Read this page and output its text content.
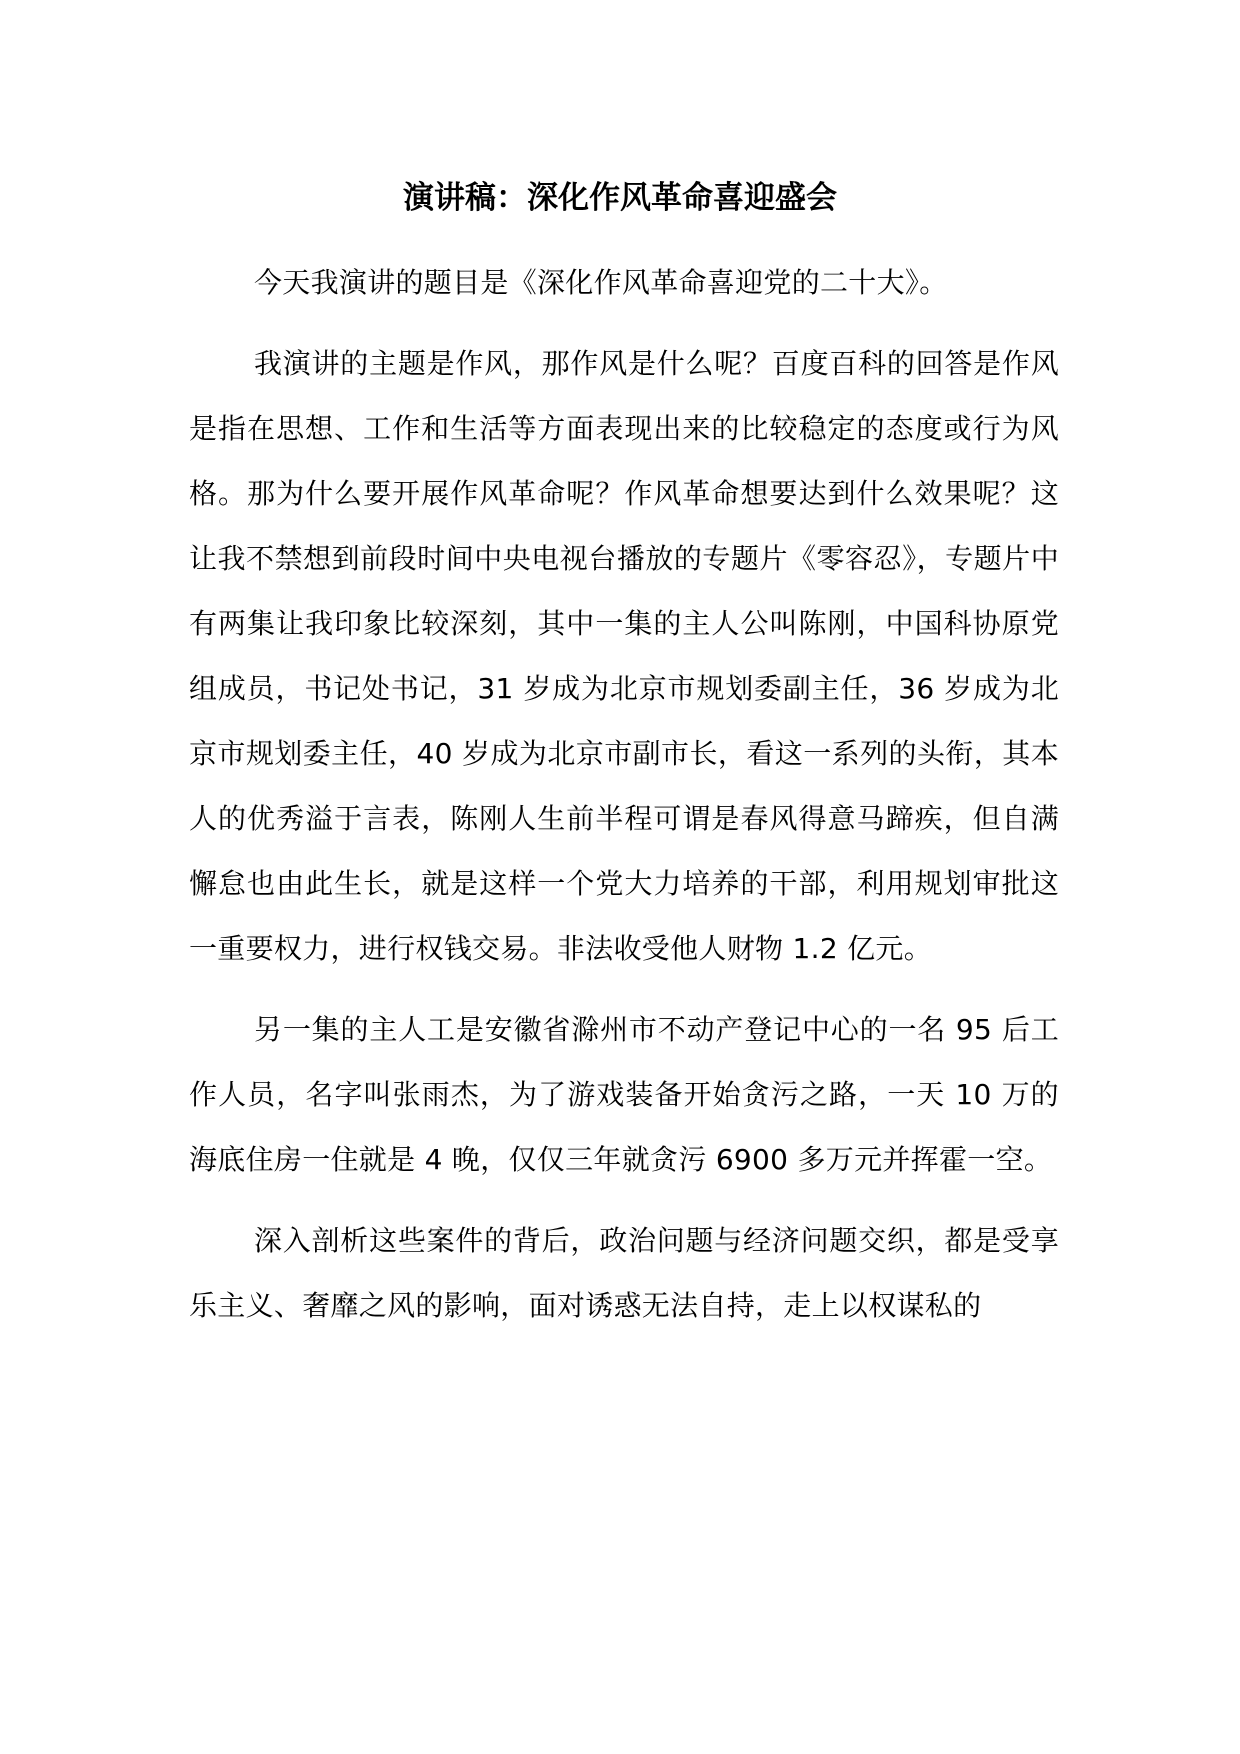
演讲稿：深化作风革命喜迎盛会

今天我演讲的题目是《深化作风革命喜迎党的二十大》。

我演讲的主题是作风，那作风是什么呢？百度百科的回答是作风是指在思想、工作和生活等方面表现出来的比较稳定的态度或行为风格。那为什么要开展作风革命呢？作风革命想要达到什么效果呢？这让我不禁想到前段时间中央电视台播放的专题片《零容忍》，专题片中有两集让我印象比较深刻，其中一集的主人公叫陈刚，中国科协原党组成员，书记处书记，31 岁成为北京市规划委副主任，36 岁成为北京市规划委主任，40 岁成为北京市副市长，看这一系列的头衔，其本人的优秀溢于言表，陈刚人生前半程可谓是春风得意马蹄疾，但自满懈怠也由此生长，就是这样一个党大力培养的干部，利用规划审批这一重要权力，进行权钱交易。非法收受他人财物 1.2 亿元。

另一集的主人工是安徽省滁州市不动产登记中心的一名 95 后工作人员，名字叫张雨杰，为了游戏装备开始贪污之路，一天 10 万的海底住房一住就是 4 晚，仅仅三年就贪污 6900 多万元并挥霍一空。

深入剖析这些案件的背后，政治问题与经济问题交织，都是受享乐主义、奢靡之风的影响，面对诱惑无法自持，走上以权谋私的
